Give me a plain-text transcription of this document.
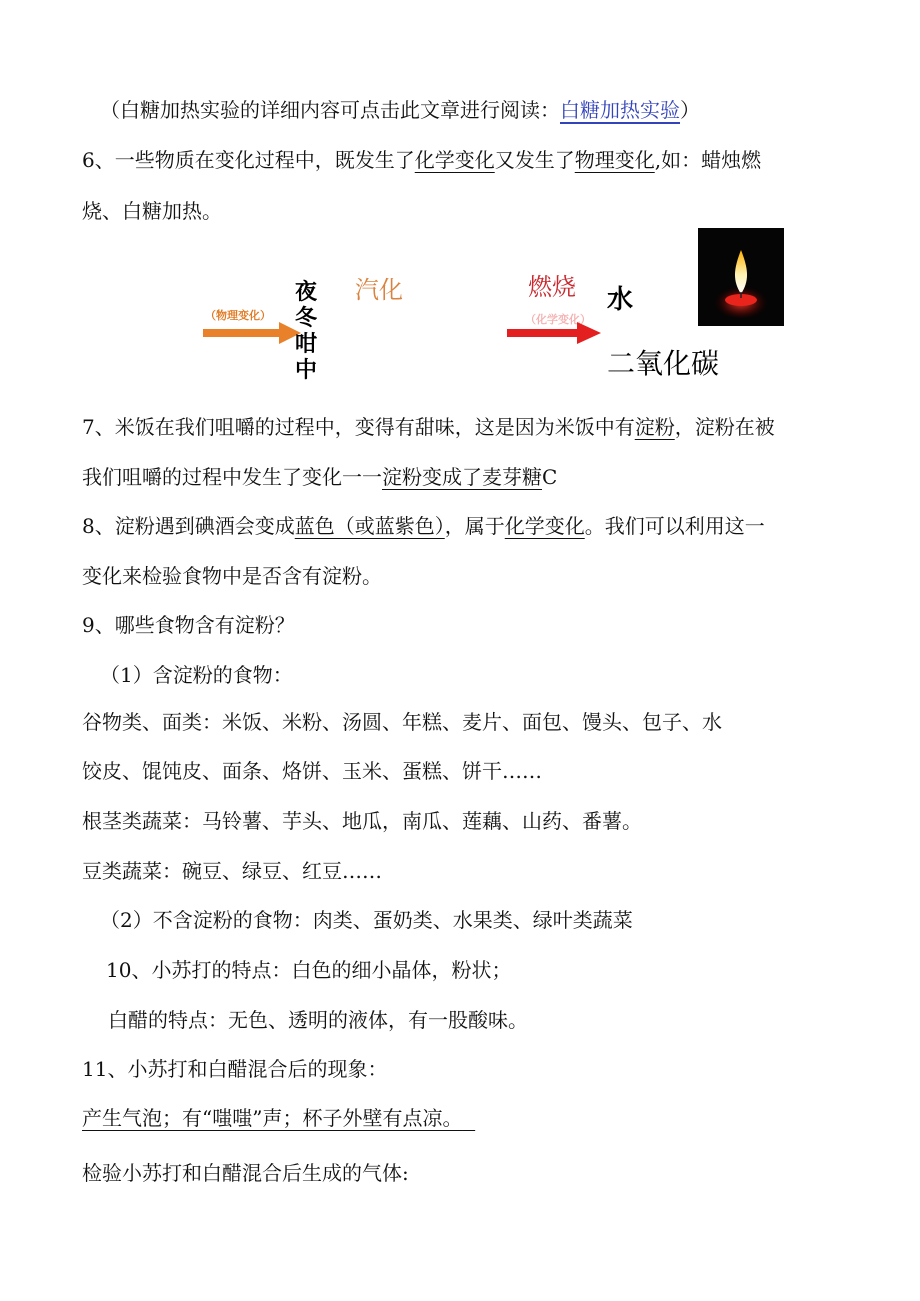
（白糖加热实验的详细内容可点击此文章进行阅读：白糖加热实验）
6、一些物质在变化过程中，既发生了化学变化又发生了物理变化,如：蜡烛燃
烧、白糖加热。
（物理变化）
夜冬咁中
汽化	燃烧
（化学变化）
水
二氧化碳
7、米饭在我们咀嚼的过程中，变得有甜味，这是因为米饭中有淀粉，淀粉在被
我们咀嚼的过程中发生了变化一一淀粉变成了麦芽糖C
8、淀粉遇到碘酒会变成蓝色（或蓝紫色），属于化学变化。我们可以利用这一
变化来检验食物中是否含有淀粉。
9、哪些食物含有淀粉？
（1）含淀粉的食物：
谷物类、面类：米饭、米粉、汤圆、年糕、麦片、面包、馒头、包子、水
饺皮、馄饨皮、面条、烙饼、玉米、蛋糕、饼干……
根茎类蔬菜：马铃薯、芋头、地瓜，南瓜、莲藕、山药、番薯。
豆类蔬菜：碗豆、绿豆、红豆……
（2）不含淀粉的食物：肉类、蛋奶类、水果类、绿叶类蔬菜
10、小苏打的特点：白色的细小晶体，粉状；
白醋的特点：无色、透明的液体，有一股酸味。
11、小苏打和白醋混合后的现象：
产生气泡；有“嗤嗤”声；杯子外壁有点凉。
检验小苏打和白醋混合后生成的气体:
